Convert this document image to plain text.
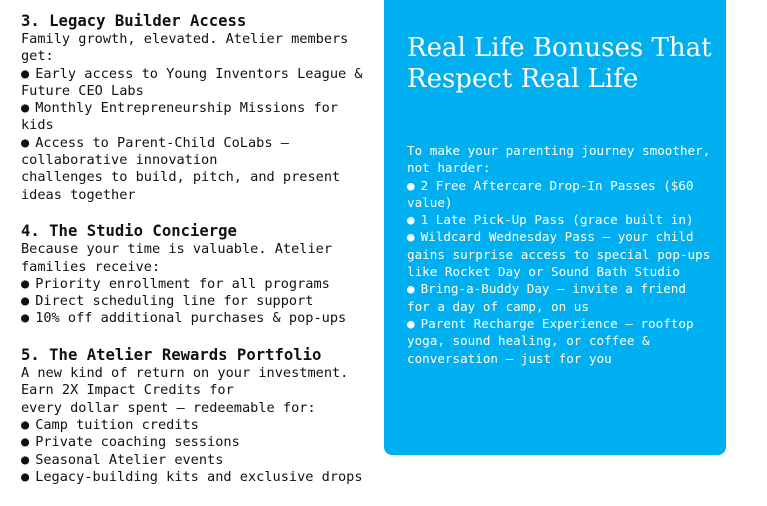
3. Legacy Builder Access

Family growth, elevated. Atelier members get:

● Early access to Young Inventors League & Future CEO Labs

● Monthly Entrepreneurship Missions for kids

● Access to Parent-Child CoLabs – collaborative innovation

challenges to build, pitch, and present ideas together

4. The Studio Concierge

Because your time is valuable. Atelier families receive:

● Priority enrollment for all programs

● Direct scheduling line for support

● 10% off additional purchases & pop-ups

5. The Atelier Rewards Portfolio

A new kind of return on your investment. Earn 2X Impact Credits for

every dollar spent – redeemable for:

● Camp tuition credits

● Private coaching sessions

● Seasonal Atelier events

● Legacy-building kits and exclusive drops

Real Life Bonuses That Respect Real Life

To make your parenting journey smoother, not harder:

● 2 Free Aftercare Drop-In Passes ($60 value)

● 1 Late Pick-Up Pass (grace built in)

● Wildcard Wednesday Pass – your child gains surprise access to special pop-ups like Rocket Day or Sound Bath Studio

● Bring-a-Buddy Day – invite a friend for a day of camp, on us

● Parent Recharge Experience – rooftop yoga, sound healing, or coffee & conversation – just for you
